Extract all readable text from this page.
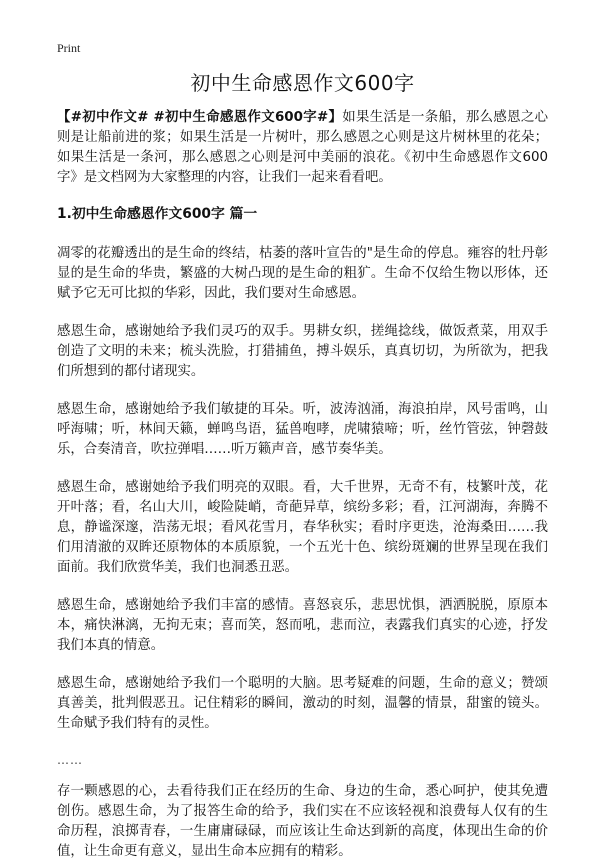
Print
初中生命感恩作文600字

【#初中作文# #初中生命感恩作文600字#】如果生活是一条船，那么感恩之心则是让船前进的浆；如果生活是一片树叶，那么感恩之心则是这片树林里的花朵；如果生活是一条河，那么感恩之心则是河中美丽的浪花。《初中生命感恩作文600字》是文档网为大家整理的内容，让我们一起来看看吧。

1.初中生命感恩作文600字 篇一

凋零的花瓣透出的是生命的终结，枯萎的落叶宣告的"是生命的停息。雍容的牡丹彰显的是生命的华贵，繁盛的大树凸现的是生命的粗犷。生命不仅给生物以形体，还赋予它无可比拟的华彩，因此，我们要对生命感恩。

感恩生命，感谢她给予我们灵巧的双手。男耕女织，搓绳捻线，做饭煮菜，用双手创造了文明的未来；梳头洗脸，打猎捕鱼，搏斗娱乐，真真切切，为所欲为，把我们所想到的都付诸现实。

感恩生命，感谢她给予我们敏捷的耳朵。听，波涛汹涌，海浪拍岸，风号雷鸣，山呼海啸；听，林间天籁，蝉鸣鸟语，猛兽咆哮，虎啸猿啼；听，丝竹管弦，钟磬鼓乐，合奏清音，吹拉弹唱……听万籁声音，感节奏华美。

感恩生命，感谢她给予我们明亮的双眼。看，大千世界，无奇不有，枝繁叶茂，花开叶落；看，名山大川，峻险陡峭，奇葩异草，缤纷多彩；看，江河湖海，奔腾不息，静谧深邃，浩荡无垠；看风花雪月，春华秋实；看时序更迭，沧海桑田……我们用清澈的双眸还原物体的本质原貌，一个五光十色、缤纷斑斓的世界呈现在我们面前。我们欣赏华美，我们也洞悉丑恶。

感恩生命，感谢她给予我们丰富的感情。喜怒哀乐，悲思忧惧，洒洒脱脱，原原本本，痛快淋漓，无拘无束；喜而笑，怒而吼，悲而泣，表露我们真实的心迹，抒发我们本真的情意。

感恩生命，感谢她给予我们一个聪明的大脑。思考疑难的问题，生命的意义；赞颂真善美，批判假恶丑。记住精彩的瞬间，激动的时刻，温馨的情景，甜蜜的镜头。生命赋予我们特有的灵性。

……

存一颗感恩的心，去看待我们正在经历的生命、身边的生命，悉心呵护，使其免遭创伤。感恩生命，为了报答生命的给予，我们实在不应该轻视和浪费每人仅有的生命历程，浪掷青春，一生庸庸碌碌，而应该让生命达到新的高度，体现出生命的价值，让生命更有意义，显出生命本应拥有的精彩。
